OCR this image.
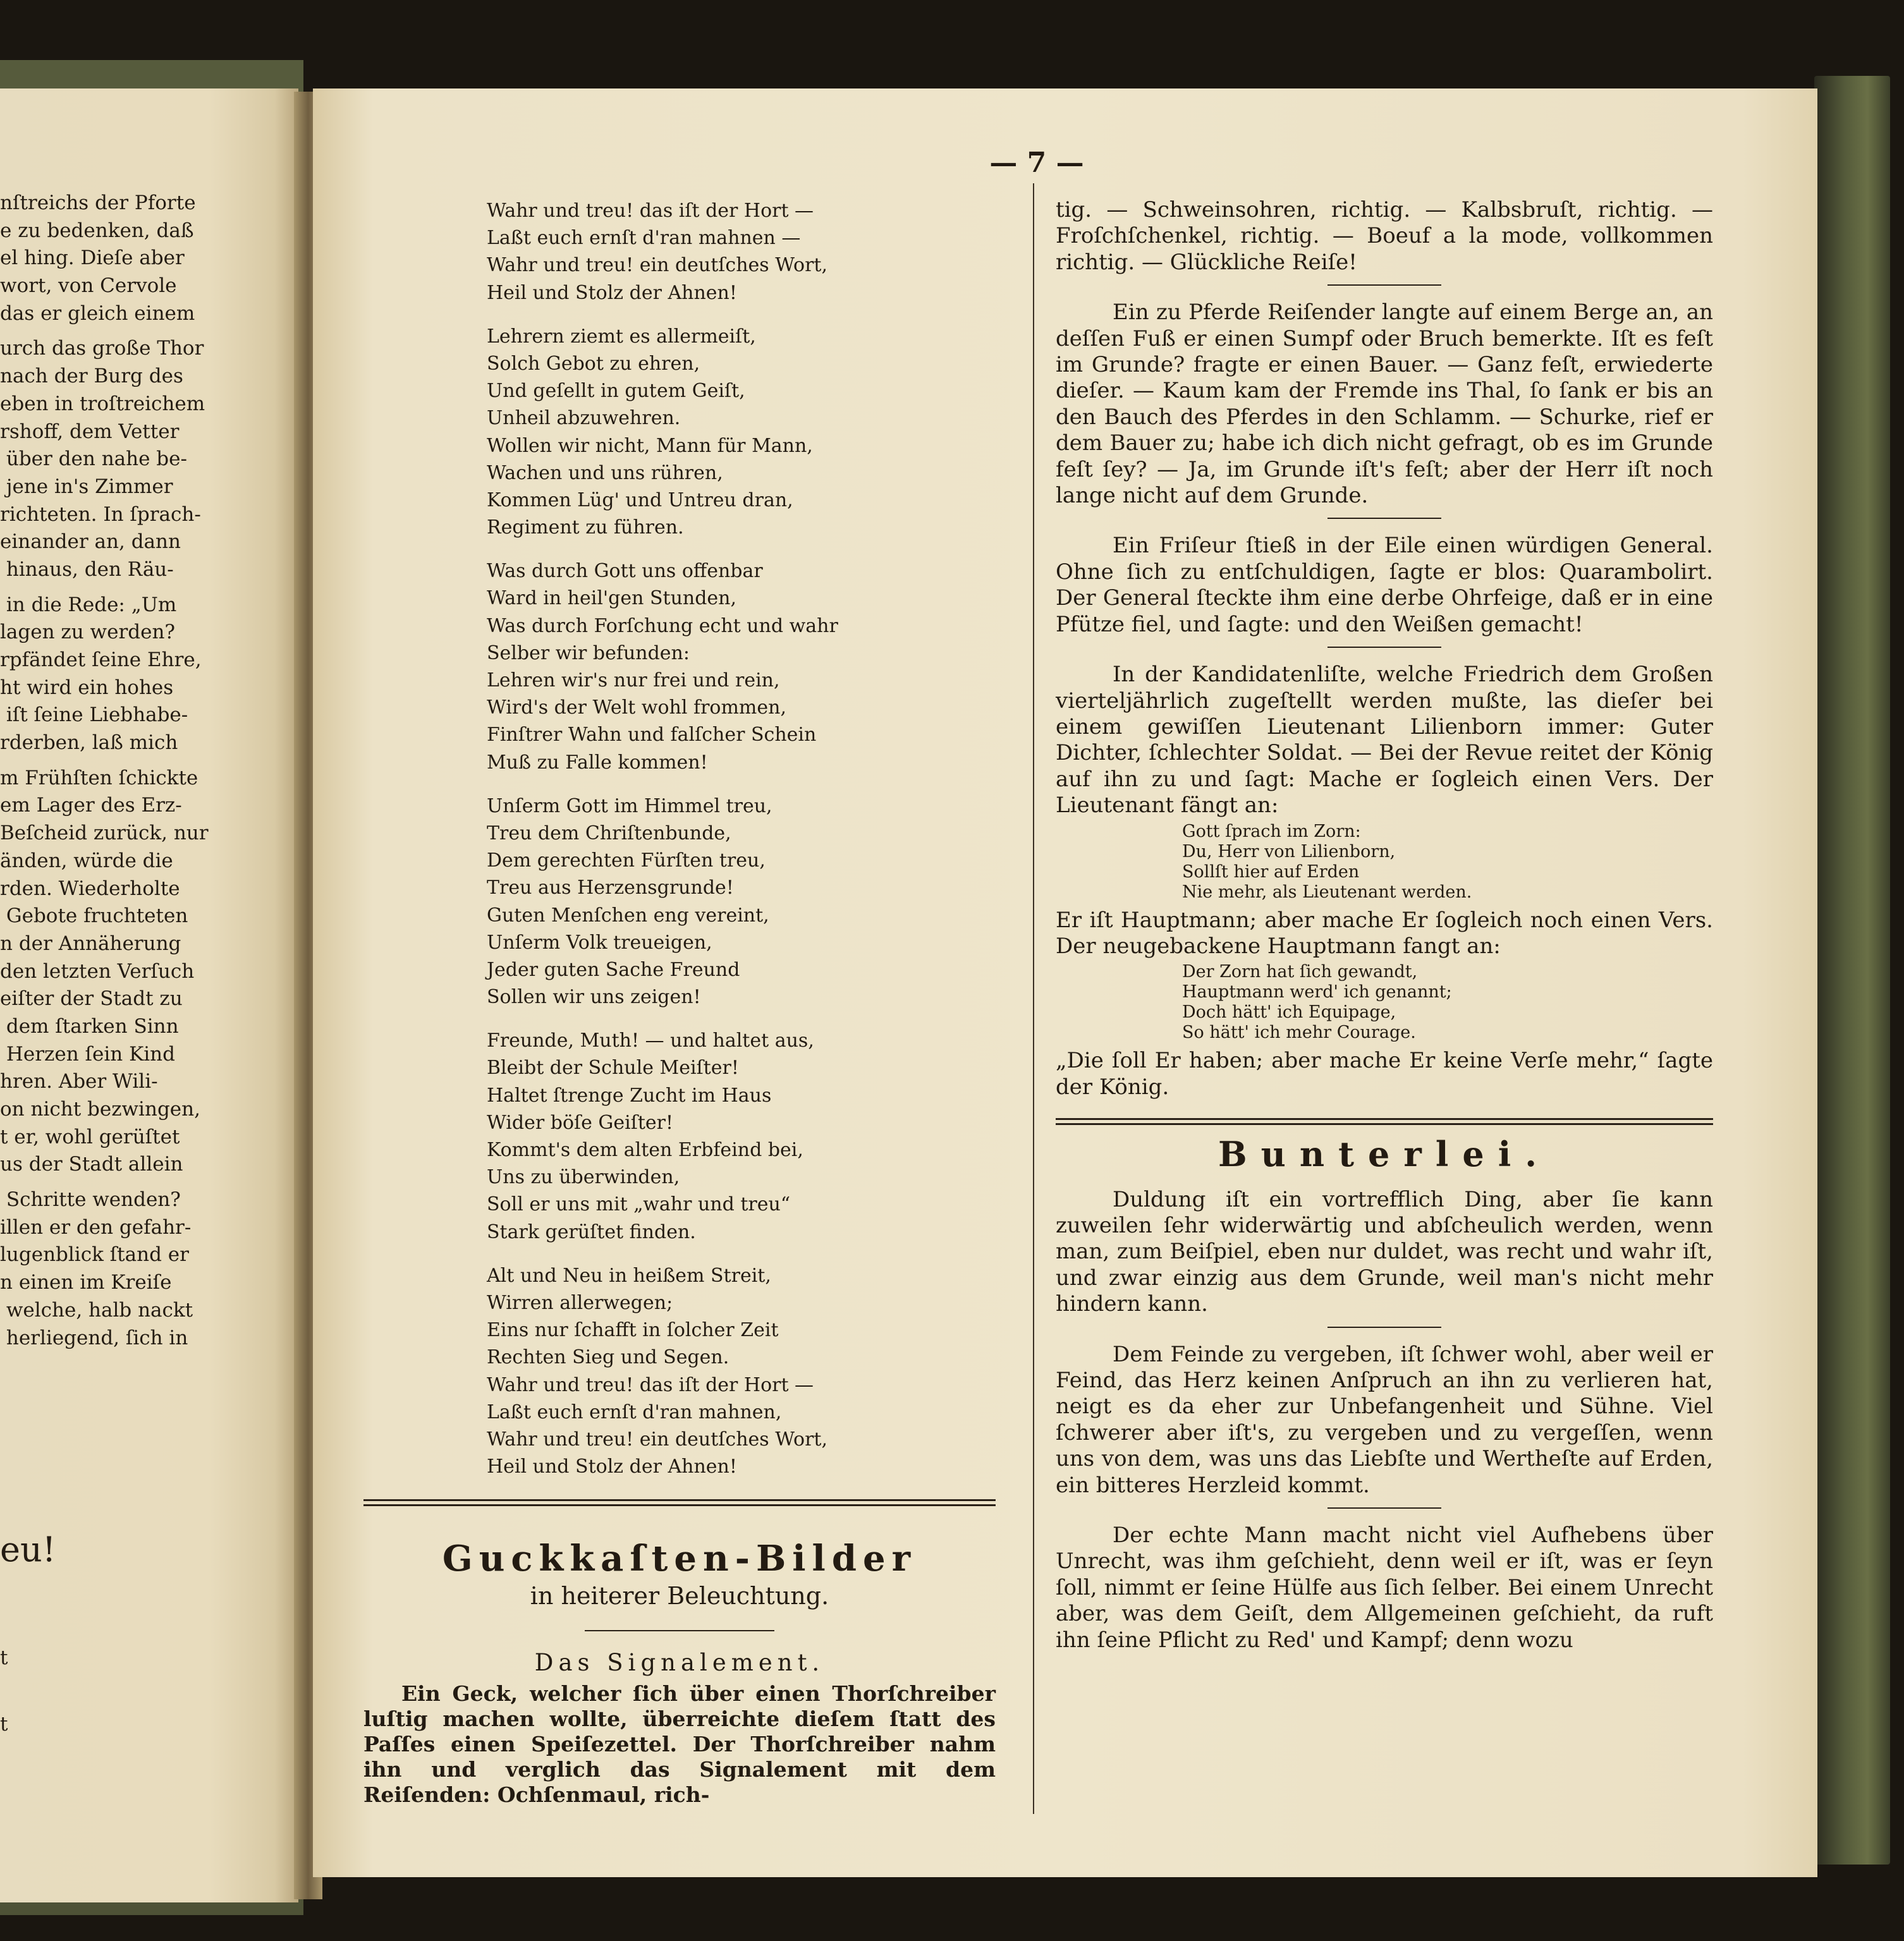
nſtreichs der Pforte
e zu bedenken, daß
el hing. Dieſe aber
wort, von Cervole
das er gleich einem
urch das große Thor
nach der Burg des
eben in troſtreichem
rshoff, dem Vetter
über den nahe be-
jene in's Zimmer
richteten. In ſprach-
einander an, dann
hinaus, den Räu-
in die Rede: „Um
lagen zu werden?
rpfändet ſeine Ehre,
ht wird ein hohes
iſt ſeine Liebhabe-
rderben, laß mich
m Frühſten ſchickte
em Lager des Erz-
Beſcheid zurück, nur
änden, würde die
rden. Wiederholte
Gebote fruchteten
n der Annäherung
den letzten Verſuch
eiſter der Stadt zu
dem ſtarken Sinn
Herzen ſein Kind
hren. Aber Wili-
on nicht bezwingen,
t er, wohl gerüſtet
us der Stadt allein
Schritte wenden?
illen er den gefahr-
lugenblick ſtand er
n einen im Kreiſe
welche, halb nackt
herliegend, ſich in
eu!
t
t
— 7 —
Wahr und treu! das iſt der Hort —
Laßt euch ernſt d'ran mahnen —
Wahr und treu! ein deutſches Wort,
Heil und Stolz der Ahnen!
Lehrern ziemt es allermeiſt,
Solch Gebot zu ehren,
Und geſellt in gutem Geiſt,
Unheil abzuwehren.
Wollen wir nicht, Mann für Mann,
Wachen und uns rühren,
Kommen Lüg' und Untreu dran,
Regiment zu führen.
Was durch Gott uns offenbar
Ward in heil'gen Stunden,
Was durch Forſchung echt und wahr
Selber wir befunden:
Lehren wir's nur frei und rein,
Wird's der Welt wohl frommen,
Finſtrer Wahn und falſcher Schein
Muß zu Falle kommen!
Unſerm Gott im Himmel treu,
Treu dem Chriſtenbunde,
Dem gerechten Fürſten treu,
Treu aus Herzensgrunde!
Guten Menſchen eng vereint,
Unſerm Volk treueigen,
Jeder guten Sache Freund
Sollen wir uns zeigen!
Freunde, Muth! — und haltet aus,
Bleibt der Schule Meiſter!
Haltet ſtrenge Zucht im Haus
Wider böſe Geiſter!
Kommt's dem alten Erbfeind bei,
Uns zu überwinden,
Soll er uns mit „wahr und treu“
Stark gerüſtet finden.
Alt und Neu in heißem Streit,
Wirren allerwegen;
Eins nur ſchafft in ſolcher Zeit
Rechten Sieg und Segen.
Wahr und treu! das iſt der Hort —
Laßt euch ernſt d'ran mahnen,
Wahr und treu! ein deutſches Wort,
Heil und Stolz der Ahnen!
Guckkaſten-Bilder
in heiterer Beleuchtung.
Das Signalement.
Ein Geck, welcher ſich über einen Thorſchreiber luſtig machen wollte, überreichte dieſem ſtatt des Paſſes einen Speiſezettel. Der Thorſchreiber nahm ihn und verglich das Signalement mit dem Reiſenden: Ochſenmaul, rich-

tig. — Schweinsohren, richtig. — Kalbsbruſt, richtig. — Froſchſchenkel, richtig. — Boeuf a la mode, vollkommen richtig. — Glückliche Reiſe!

Ein zu Pferde Reiſender langte auf einem Berge an, an deſſen Fuß er einen Sumpf oder Bruch bemerkte. Iſt es feſt im Grunde? fragte er einen Bauer. — Ganz feſt, erwiederte dieſer. — Kaum kam der Fremde ins Thal, ſo ſank er bis an den Bauch des Pferdes in den Schlamm. — Schurke, rief er dem Bauer zu; habe ich dich nicht gefragt, ob es im Grunde feſt ſey? — Ja, im Grunde iſt's feſt; aber der Herr iſt noch lange nicht auf dem Grunde.

Ein Friſeur ſtieß in der Eile einen würdigen General. Ohne ſich zu entſchuldigen, ſagte er blos: Quarambolirt. Der General ſteckte ihm eine derbe Ohrfeige, daß er in eine Pfütze fiel, und ſagte: und den Weißen gemacht!

In der Kandidatenliſte, welche Friedrich dem Großen vierteljährlich zugeſtellt werden mußte, las dieſer bei einem gewiſſen Lieutenant Lilienborn immer: Guter Dichter, ſchlechter Soldat. — Bei der Revue reitet der König auf ihn zu und ſagt: Mache er ſogleich einen Vers. Der Lieutenant fängt an:

Gott ſprach im Zorn:
Du, Herr von Lilienborn,
Sollſt hier auf Erden
Nie mehr, als Lieutenant werden.

Er iſt Hauptmann; aber mache Er ſogleich noch einen Vers. Der neugebackene Hauptmann fangt an:

Der Zorn hat ſich gewandt,
Hauptmann werd' ich genannt;
Doch hätt' ich Equipage,
So hätt' ich mehr Courage.

„Die ſoll Er haben; aber mache Er keine Verſe mehr,“ ſagte der König.

Bunterlei.

Duldung iſt ein vortrefflich Ding, aber ſie kann zuweilen ſehr widerwärtig und abſcheulich werden, wenn man, zum Beiſpiel, eben nur duldet, was recht und wahr iſt, und zwar einzig aus dem Grunde, weil man's nicht mehr hindern kann.

Dem Feinde zu vergeben, iſt ſchwer wohl, aber weil er Feind, das Herz keinen Anſpruch an ihn zu verlieren hat, neigt es da eher zur Unbefangenheit und Sühne. Viel ſchwerer aber iſt's, zu vergeben und zu vergeſſen, wenn uns von dem, was uns das Liebſte und Wertheſte auf Erden, ein bitteres Herzleid kommt.

Der echte Mann macht nicht viel Aufhebens über Unrecht, was ihm geſchieht, denn weil er iſt, was er ſeyn ſoll, nimmt er ſeine Hülfe aus ſich ſelber. Bei einem Unrecht aber, was dem Geiſt, dem Allgemeinen geſchieht, da ruft ihn ſeine Pflicht zu Red' und Kampf; denn wozu
